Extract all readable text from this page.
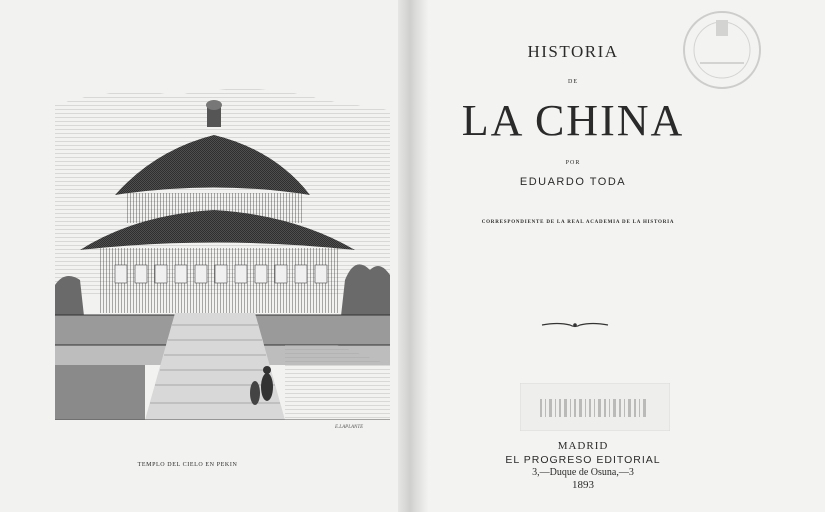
E.LAPLANTE
TEMPLO DEL CIELO EN PEKIN
HISTORIA
DE
LA CHINA
POR
EDUARDO TODA
CORRESPONDIENTE DE LA REAL ACADEMIA DE LA HISTORIA
MADRID
EL PROGRESO EDITORIAL
3,—Duque de Osuna,—3
1893
